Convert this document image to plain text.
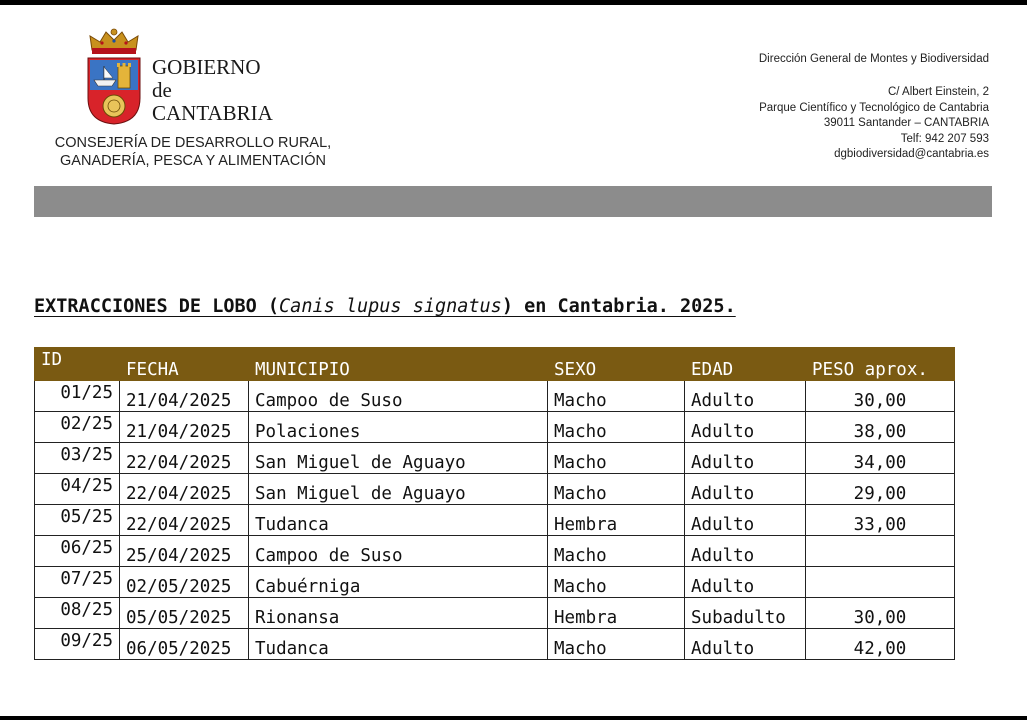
GOBIERNO
de
CANTABRIA
CONSEJERÍA DE DESARROLLO RURAL,
GANADERÍA, PESCA Y ALIMENTACIÓN
Dirección General de Montes y Biodiversidad
C/ Albert Einstein, 2
Parque Científico y Tecnológico de Cantabria
39011 Santander – CANTABRIA
Telf: 942 207 593
dgbiodiversidad@cantabria.es
EXTRACCIONES DE LOBO (Canis lupus signatus) en Cantabria. 2025.
ID	FECHA	MUNICIPIO	SEXO	EDAD	PESO aprox.
01/25	21/04/2025	Campoo de Suso	Macho	Adulto	30,00
02/25	21/04/2025	Polaciones	Macho	Adulto	38,00
03/25	22/04/2025	San Miguel de Aguayo	Macho	Adulto	34,00
04/25	22/04/2025	San Miguel de Aguayo	Macho	Adulto	29,00
05/25	22/04/2025	Tudanca	Hembra	Adulto	33,00
06/25	25/04/2025	Campoo de Suso	Macho	Adulto	
07/25	02/05/2025	Cabuérniga	Macho	Adulto	
08/25	05/05/2025	Rionansa	Hembra	Subadulto	30,00
09/25	06/05/2025	Tudanca	Macho	Adulto	42,00
